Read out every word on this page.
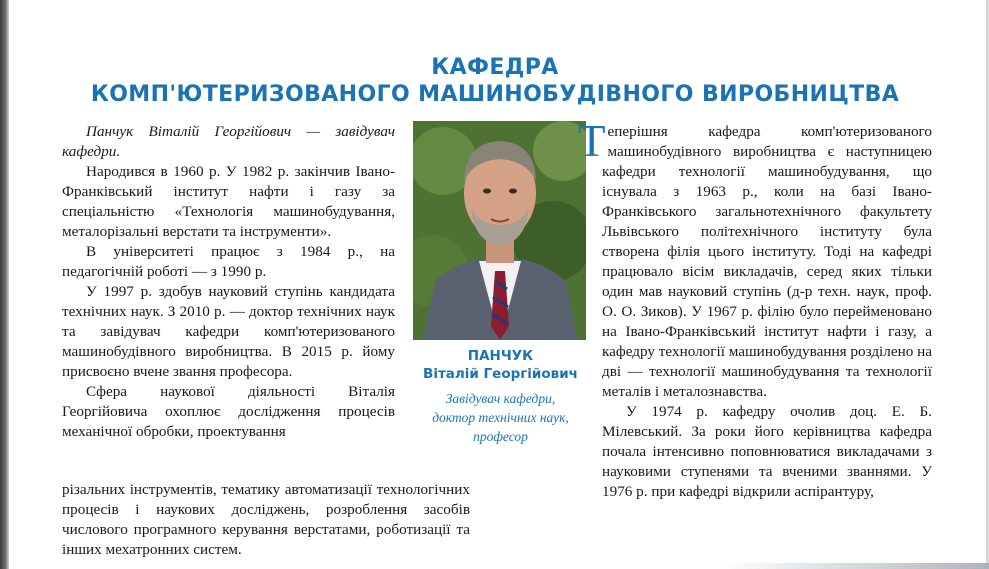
КАФЕДРА
КОМП'ЮТЕРИЗОВАНОГО МАШИНОБУДІВНОГО ВИРОБНИЦТВА

Панчук Віталій Георгійович — завідувач кафедри.

Народився в 1960 р. У 1982 р. закінчив Івано-Франківський інститут нафти і газу за спеціальністю «Технологія машинобудування, металорізальні верстати та інструменти».

В університеті працює з 1984 р., на педагогічній роботі — з 1990 р.

У 1997 р. здобув науковий ступінь кандидата технічних наук. З 2010 р. — доктор технічних наук та завідувач кафедри комп'ютеризованого машинобудівного виробництва. В 2015 р. йому присвоєно вчене звання професора.

Сфера наукової діяльності Віталія Георгійовича охоплює дослідження процесів механічної обробки, проектування

різальних інструментів, тематику автоматизації технологічних процесів і наукових досліджень, розроблення засобів числового програмного керування верстатами, роботизації та інших мехатронних систем.

ПАНЧУК
Віталій Георгійович
Завідувач кафедри,
доктор технічних наук,
професор

Теперішня кафедра комп'ютеризованого машинобудівного виробництва є наступницею кафедри технології машинобудування, що існувала з 1963 р., коли на базі Івано-Франківського загальнотехнічного факультету Львівського політехнічного інституту була створена філія цього інституту. Тоді на кафедрі працювало вісім викладачів, серед яких тільки один мав науковий ступінь (д-р техн. наук, проф. О. О. Зиков). У 1967 р. філію було перейменовано на Івано-Франківський інститут нафти і газу, а кафедру технології машинобудування розділено на дві — технології машинобудування та технології металів і металознавства.

У 1974 р. кафедру очолив доц. Е. Б. Мілевський. За роки його керівництва кафедра почала інтенсивно поповнюватися викладачами з науковими ступенями та вченими званнями. У 1976 р. при кафедрі відкрили аспірантуру,
